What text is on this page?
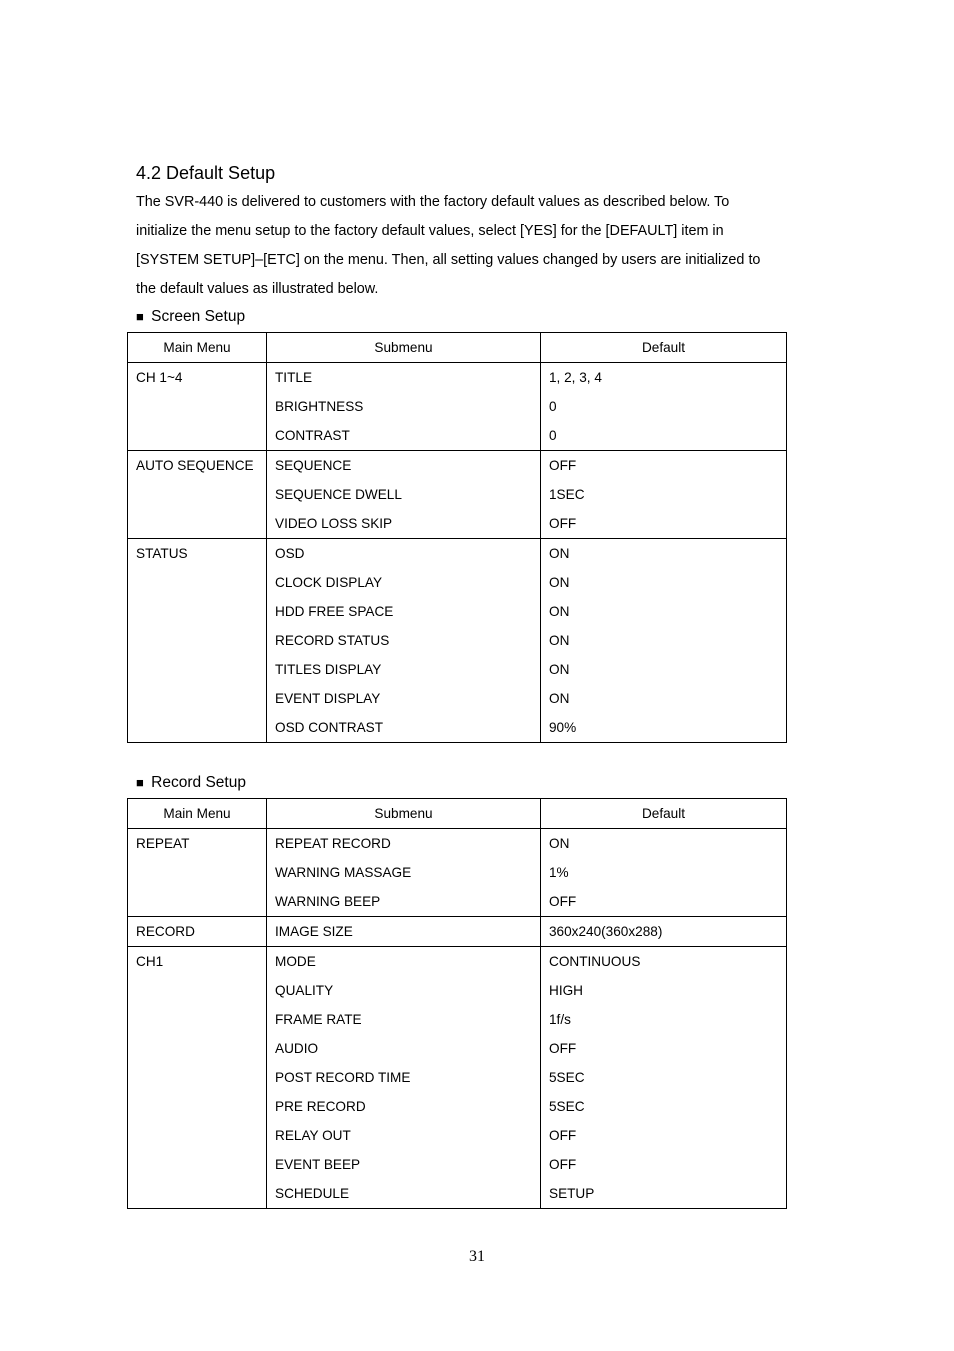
4.2 Default Setup

The SVR-440 is delivered to customers with the factory default values as described below. To
initialize the menu setup to the factory default values, select [YES] for the [DEFAULT] item in
[SYSTEM SETUP]–[ETC] on the menu. Then, all setting values changed by users are initialized to
the default values as illustrated below.

■ Screen Setup

Main Menu	Submenu	Default
CH 1~4	TITLE	1, 2, 3, 4
	BRIGHTNESS	0
	CONTRAST	0
AUTO SEQUENCE	SEQUENCE	OFF
	SEQUENCE DWELL	1SEC
	VIDEO LOSS SKIP	OFF
STATUS	OSD	ON
	CLOCK DISPLAY	ON
	HDD FREE SPACE	ON
	RECORD STATUS	ON
	TITLES DISPLAY	ON
	EVENT DISPLAY	ON
	OSD CONTRAST	90%

■ Record Setup

Main Menu	Submenu	Default
REPEAT	REPEAT RECORD	ON
	WARNING MASSAGE	1%
	WARNING BEEP	OFF
RECORD	IMAGE SIZE	360x240(360x288)
CH1	MODE	CONTINUOUS
	QUALITY	HIGH
	FRAME RATE	1f/s
	AUDIO	OFF
	POST RECORD TIME	5SEC
	PRE RECORD	5SEC
	RELAY OUT	OFF
	EVENT BEEP	OFF
	SCHEDULE	SETUP

31
